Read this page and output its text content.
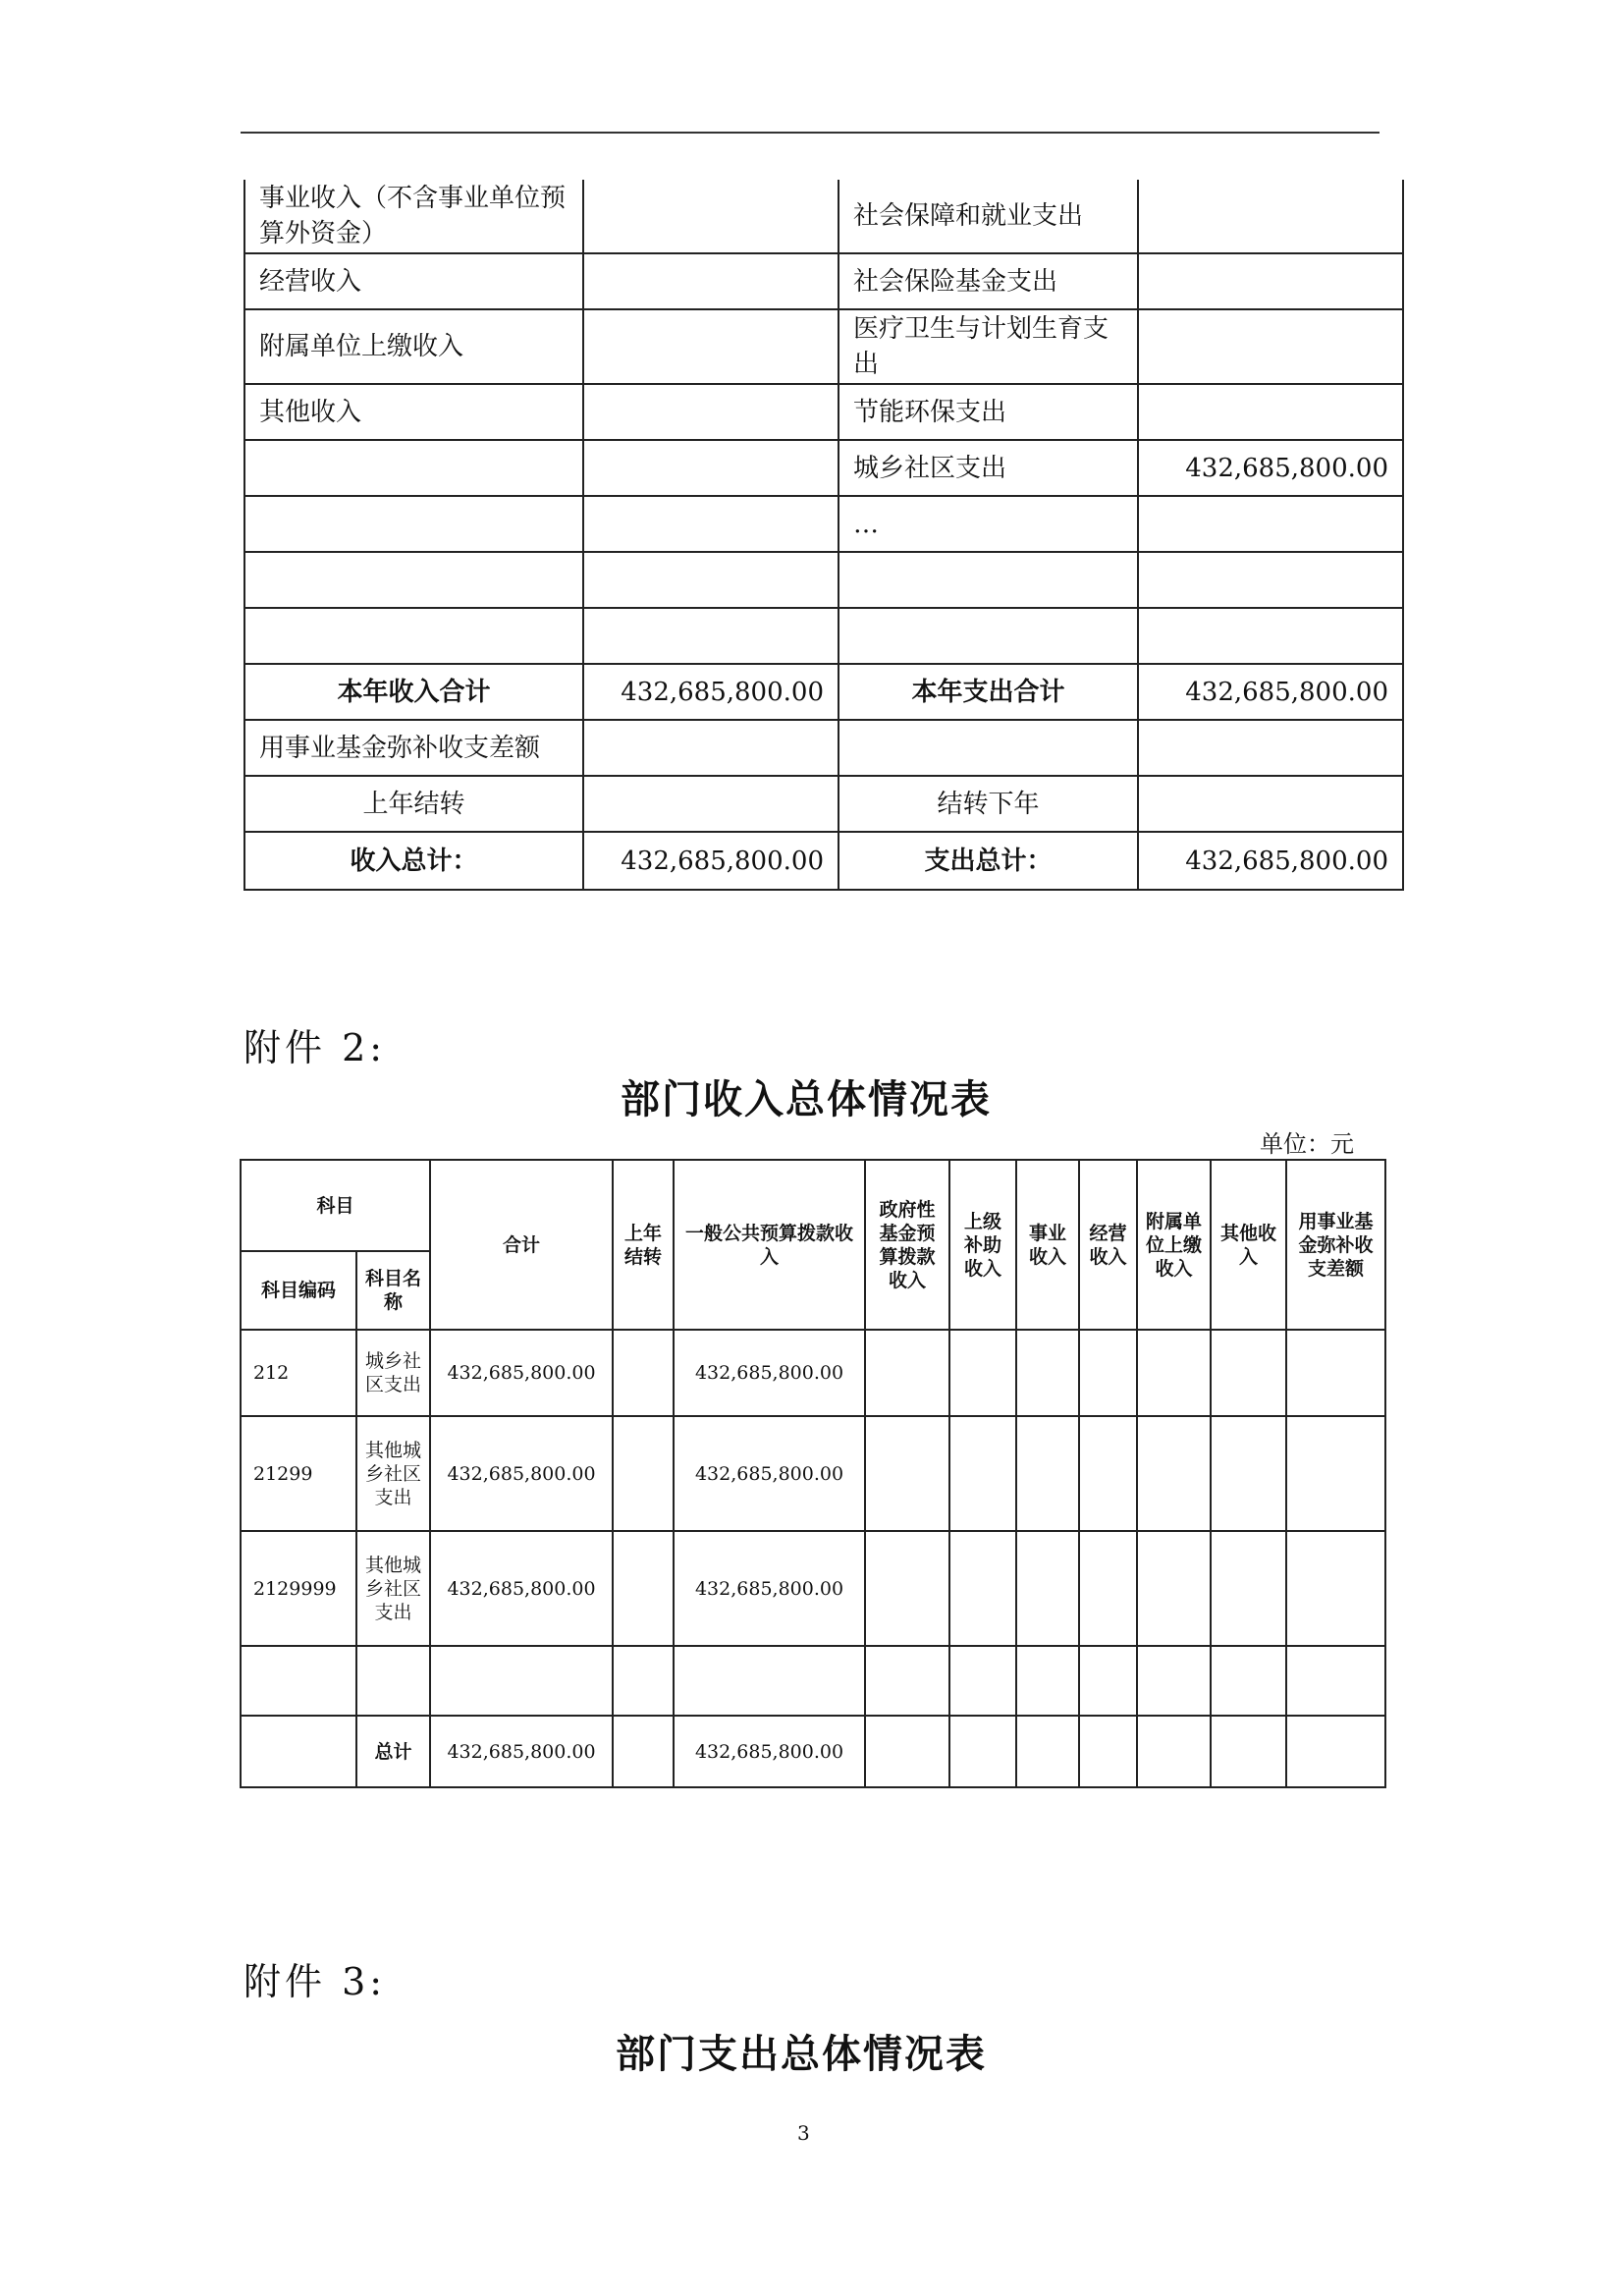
事业收入（不含事业单位预算外资金）		社会保障和就业支出	
经营收入		社会保险基金支出	
附属单位上缴收入		医疗卫生与计划生育支出	
其他收入		节能环保支出	
		城乡社区支出	432,685,800.00
		…	

本年收入合计	432,685,800.00	本年支出合计	432,685,800.00
用事业基金弥补收支差额			
上年结转		结转下年	
收入总计：	432,685,800.00	支出总计：	432,685,800.00
附件 2:
部门收入总体情况表
单位：元
科目		合计	上年结转	一般公共预算拨款收入	政府性基金预算拨款收入	上级补助收入	事业收入	经营收入	附属单位上缴收入	其他收入	用事业基金弥补收支差额
科目编码	科目名称										
212	城乡社区支出	432,685,800.00		432,685,800.00							
21299	其他城乡社区支出	432,685,800.00		432,685,800.00							
2129999	其他城乡社区支出	432,685,800.00		432,685,800.00							

	总计	432,685,800.00		432,685,800.00							
附件 3:
部门支出总体情况表
3
